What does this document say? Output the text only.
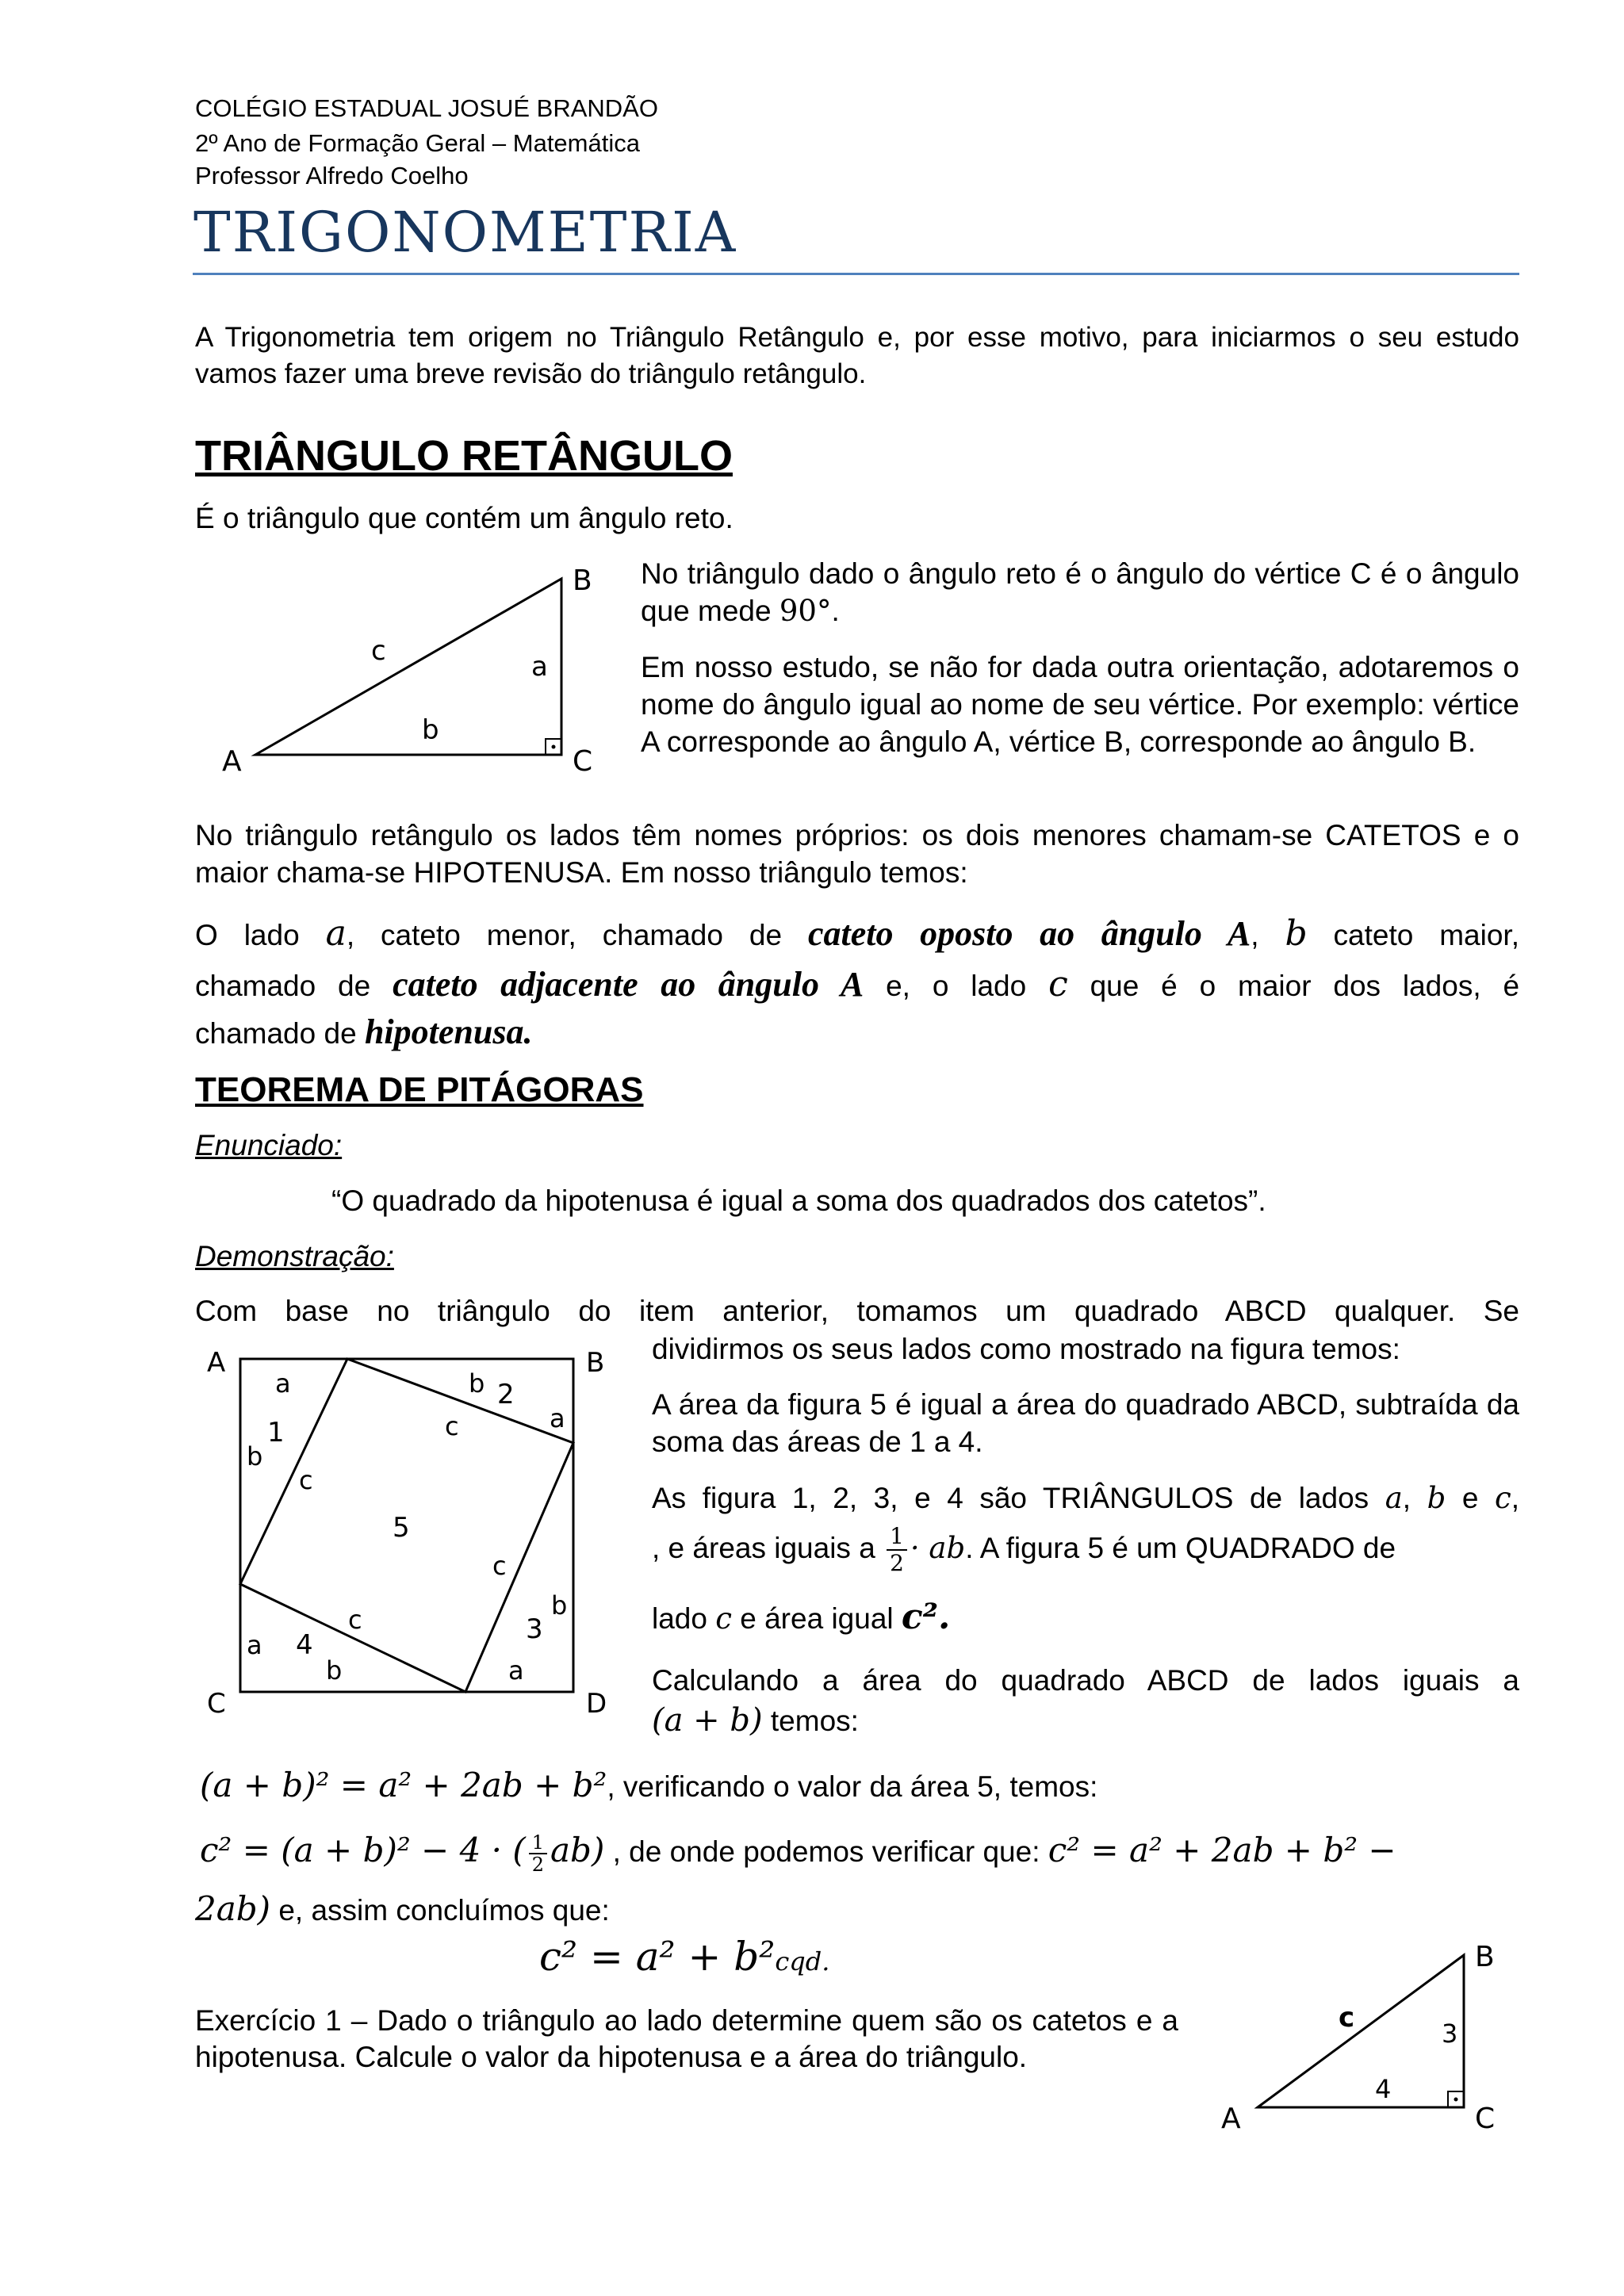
COLÉGIO ESTADUAL JOSUÉ BRANDÃO
2º Ano de Formação Geral – Matemática
Professor Alfredo Coelho
TRIGONOMETRIA
A Trigonometria tem origem no Triângulo Retângulo e, por esse motivo, para iniciarmos o seu estudo vamos fazer uma breve revisão do triângulo retângulo.
TRIÂNGULO RETÂNGULO
É o triângulo que contém um ângulo reto.
A
B
C
a
b
c
No triângulo dado o ângulo reto é o ângulo do vértice C é o ângulo que mede 90°.
Em nosso estudo, se não for dada outra orientação, adotaremos o nome do ângulo igual ao nome de seu vértice. Por exemplo: vértice A corresponde ao ângulo A, vértice B, corresponde ao ângulo B.
No triângulo retângulo os lados têm nomes próprios: os dois menores chamam-se CATETOS e o maior chama-se HIPOTENUSA. Em nosso triângulo temos:
O lado a, cateto menor, chamado de cateto oposto ao ângulo A, b cateto maior,
chamado de cateto adjacente ao ângulo A e, o lado c que é o maior dos lados, é
chamado de hipotenusa.
TEOREMA DE PITÁGORAS
Enunciado:
“O quadrado da hipotenusa é igual a soma dos quadrados dos catetos”.
Demonstração:
Com base no triângulo do item anterior, tomamos um quadrado ABCD qualquer. Se
dividirmos os seus lados como mostrado na figura temos:
A	B
C	D
a	b
a
b
b
a
b	a
c
c
c
c
1
2
3
4
5
A área da figura 5 é igual a área do quadrado ABCD, subtraída da soma das áreas de 1 a 4.
As figura 1, 2, 3, e 4 são TRIÂNGULOS de lados a, b e c,
, e áreas iguais a $\frac{1}{2}$ · ab. A figura 5 é um QUADRADO de
lado c e área igual c².
Calculando a área do quadrado ABCD de lados iguais a
(a + b) temos:
(a + b)² = a² + 2ab + b², verificando o valor da área 5, temos:
c² = (a + b)² − 4 · ( $\frac{1}{2} ab$) , de onde podemos verificar que: c² = a² + 2ab + b² −
2ab) e, assim concluímos que:
c² = a² + b²cqd.
Exercício 1 – Dado o triângulo ao lado determine quem são os catetos e a hipotenusa. Calcule o valor da hipotenusa e a área do triângulo.
A
B
C
c	3
4
